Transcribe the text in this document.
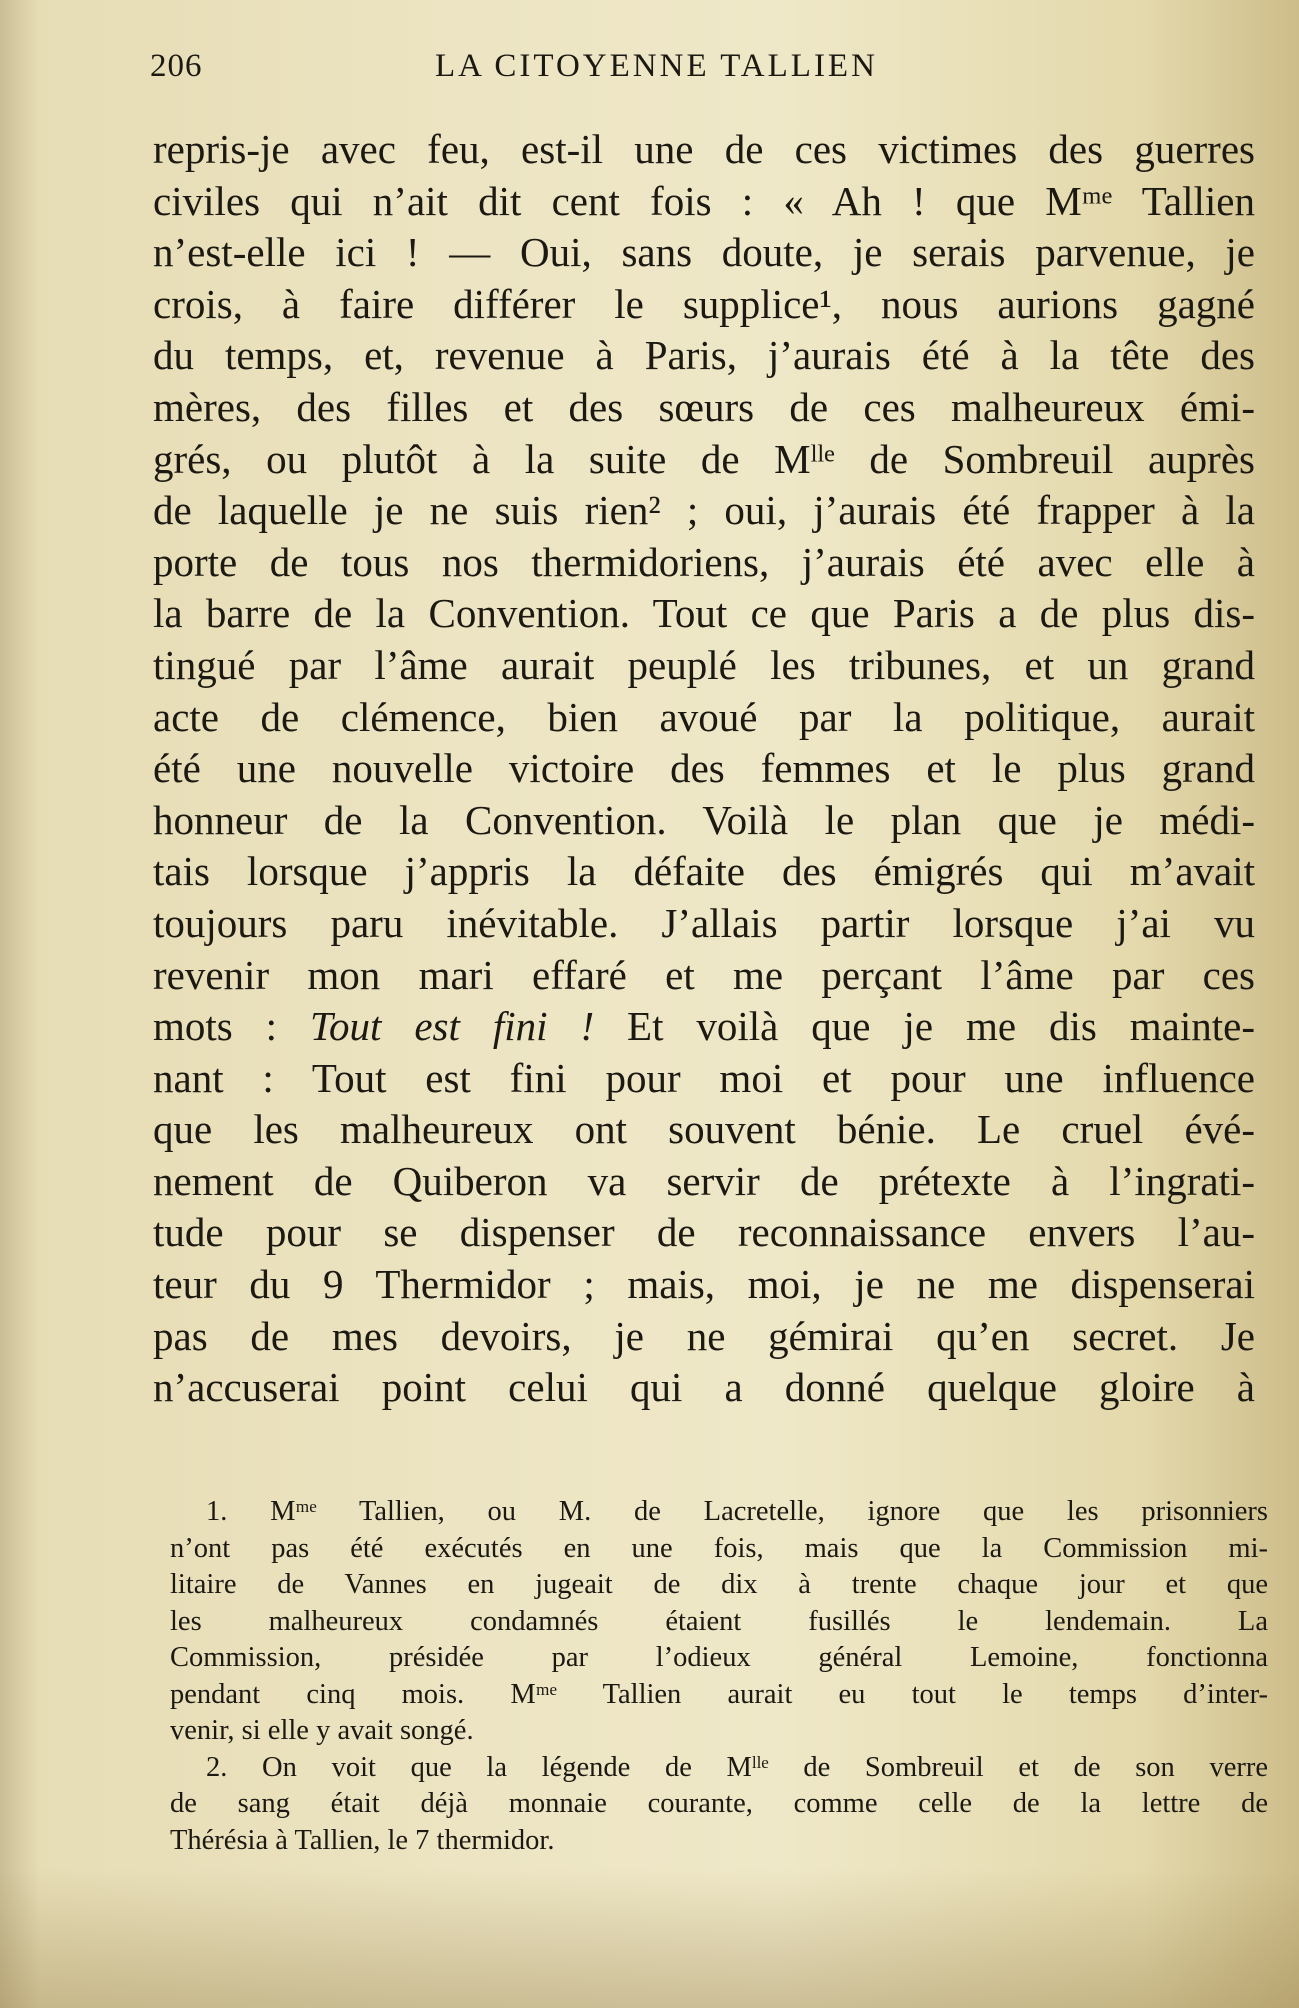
206	LA CITOYENNE TALLIEN
repris-je avec feu, est-il une de ces victimes des guerres
civiles qui n’ait dit cent fois : « Ah ! que Mᵐᵉ Tallien
n’est-elle ici ! — Oui, sans doute, je serais parvenue, je
crois, à faire différer le supplice¹, nous aurions gagné
du temps, et, revenue à Paris, j’aurais été à la tête des
mères, des filles et des sœurs de ces malheureux émi-
grés, ou plutôt à la suite de Mˡˡᵉ de Sombreuil auprès
de laquelle je ne suis rien² ; oui, j’aurais été frapper à la
porte de tous nos thermidoriens, j’aurais été avec elle à
la barre de la Convention. Tout ce que Paris a de plus dis-
tingué par l’âme aurait peuplé les tribunes, et un grand
acte de clémence, bien avoué par la politique, aurait
été une nouvelle victoire des femmes et le plus grand
honneur de la Convention. Voilà le plan que je médi-
tais lorsque j’appris la défaite des émigrés qui m’avait
toujours paru inévitable. J’allais partir lorsque j’ai vu
revenir mon mari effaré et me perçant l’âme par ces
mots : Tout est fini ! Et voilà que je me dis mainte-
nant : Tout est fini pour moi et pour une influence
que les malheureux ont souvent bénie. Le cruel évé-
nement de Quiberon va servir de prétexte à l’ingrati-
tude pour se dispenser de reconnaissance envers l’au-
teur du 9 Thermidor ; mais, moi, je ne me dispenserai
pas de mes devoirs, je ne gémirai qu’en secret. Je
n’accuserai point celui qui a donné quelque gloire à
1. Mᵐᵉ Tallien, ou M. de Lacretelle, ignore que les prisonniers
n’ont pas été exécutés en une fois, mais que la Commission mi-
litaire de Vannes en jugeait de dix à trente chaque jour et que
les malheureux condamnés étaient fusillés le lendemain. La
Commission, présidée par l’odieux général Lemoine, fonctionna
pendant cinq mois. Mᵐᵉ Tallien aurait eu tout le temps d’inter-
venir, si elle y avait songé.
2. On voit que la légende de Mˡˡᵉ de Sombreuil et de son verre
de sang était déjà monnaie courante, comme celle de la lettre de
Thérésia à Tallien, le 7 thermidor.
